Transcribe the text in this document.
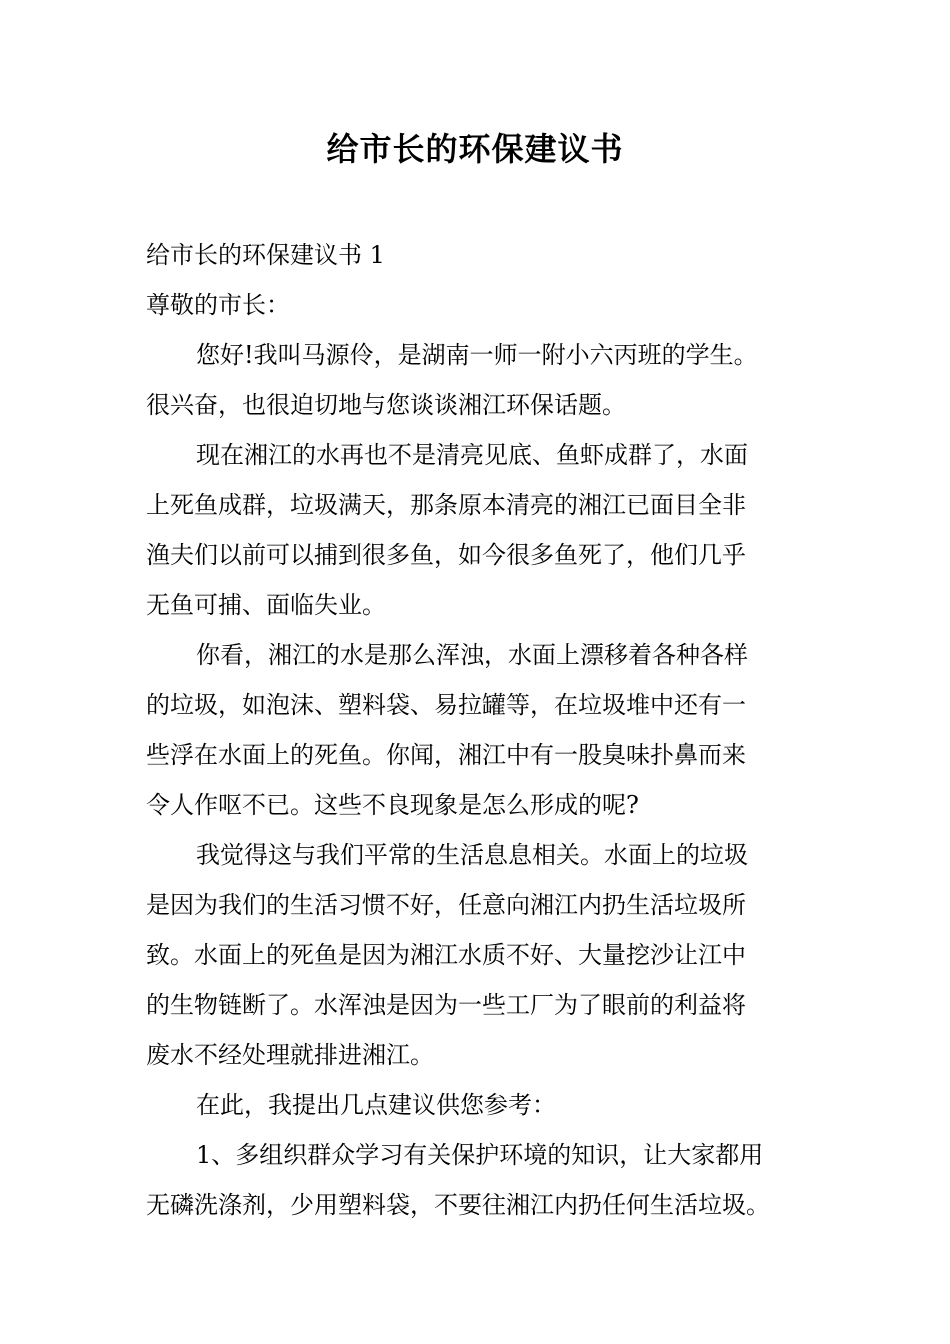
给市长的环保建议书
给市长的环保建议书 1
尊敬的市长：
您好!我叫马源伶，是湖南一师一附小六丙班的学生。
很兴奋，也很迫切地与您谈谈湘江环保话题。
现在湘江的水再也不是清亮见底、鱼虾成群了，水面
上死鱼成群，垃圾满天，那条原本清亮的湘江已面目全非
渔夫们以前可以捕到很多鱼，如今很多鱼死了，他们几乎
无鱼可捕、面临失业。
你看，湘江的水是那么浑浊，水面上漂移着各种各样
的垃圾，如泡沫、塑料袋、易拉罐等，在垃圾堆中还有一
些浮在水面上的死鱼。你闻，湘江中有一股臭味扑鼻而来
令人作呕不已。这些不良现象是怎么形成的呢?
我觉得这与我们平常的生活息息相关。水面上的垃圾
是因为我们的生活习惯不好，任意向湘江内扔生活垃圾所
致。水面上的死鱼是因为湘江水质不好、大量挖沙让江中
的生物链断了。水浑浊是因为一些工厂为了眼前的利益将
废水不经处理就排进湘江。
在此，我提出几点建议供您参考：
1、多组织群众学习有关保护环境的知识，让大家都用
无磷洗涤剂，少用塑料袋，不要往湘江内扔任何生活垃圾。
